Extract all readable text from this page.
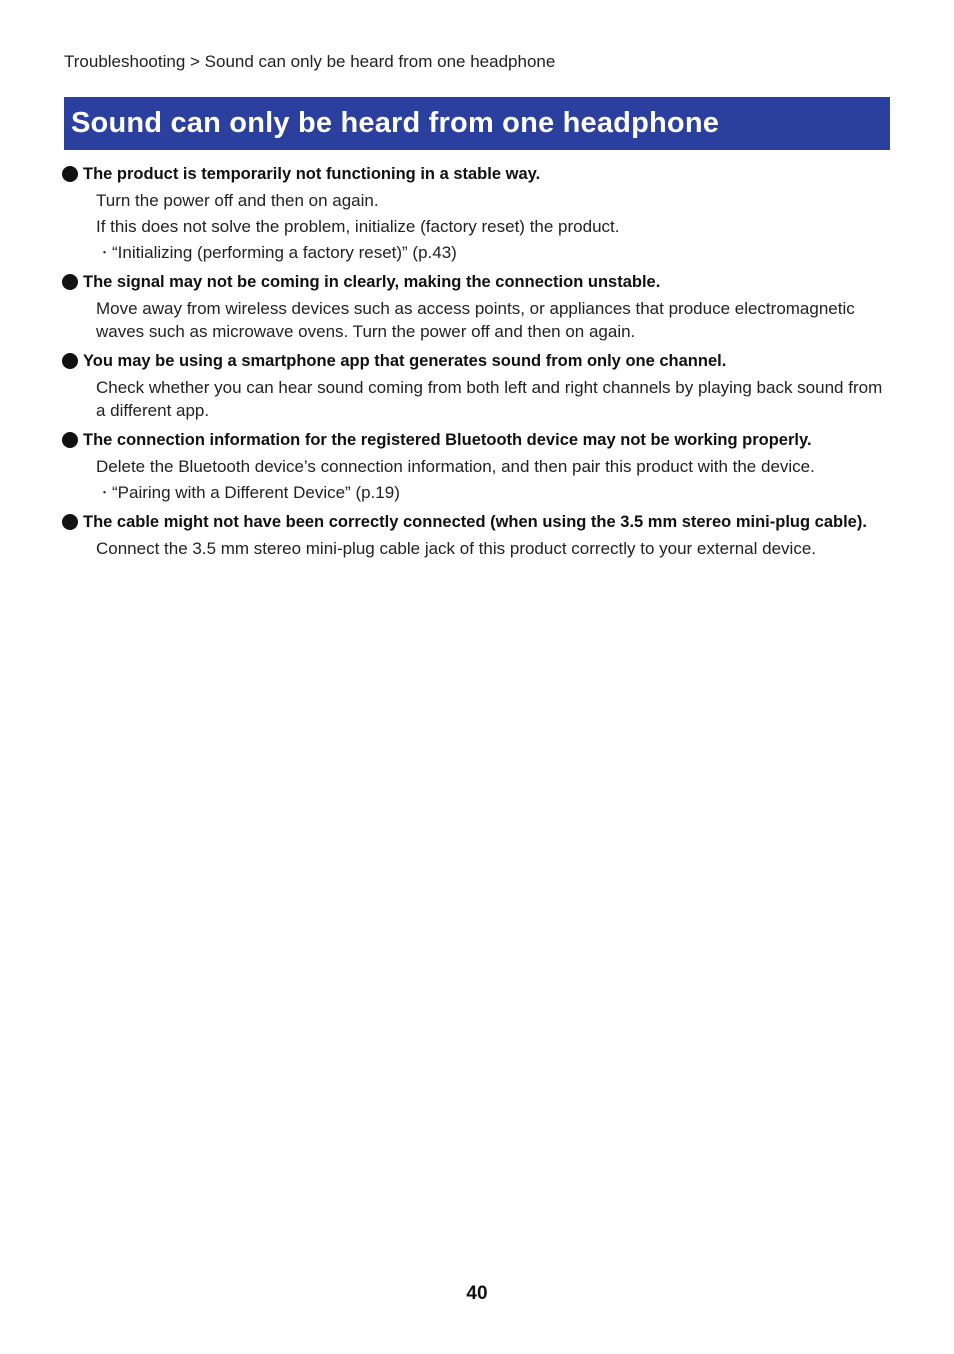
Troubleshooting > Sound can only be heard from one headphone
Sound can only be heard from one headphone
The product is temporarily not functioning in a stable way.
Turn the power off and then on again.
If this does not solve the problem, initialize (factory reset) the product.
・ “Initializing (performing a factory reset)” (p.43)
The signal may not be coming in clearly, making the connection unstable.
Move away from wireless devices such as access points, or appliances that produce electromagnetic waves such as microwave ovens. Turn the power off and then on again.
You may be using a smartphone app that generates sound from only one channel.
Check whether you can hear sound coming from both left and right channels by playing back sound from a different app.
The connection information for the registered Bluetooth device may not be working properly.
Delete the Bluetooth device’s connection information, and then pair this product with the device.
・ “Pairing with a Different Device” (p.19)
The cable might not have been correctly connected (when using the 3.5 mm stereo mini-plug cable).
Connect the 3.5 mm stereo mini-plug cable jack of this product correctly to your external device.
40
